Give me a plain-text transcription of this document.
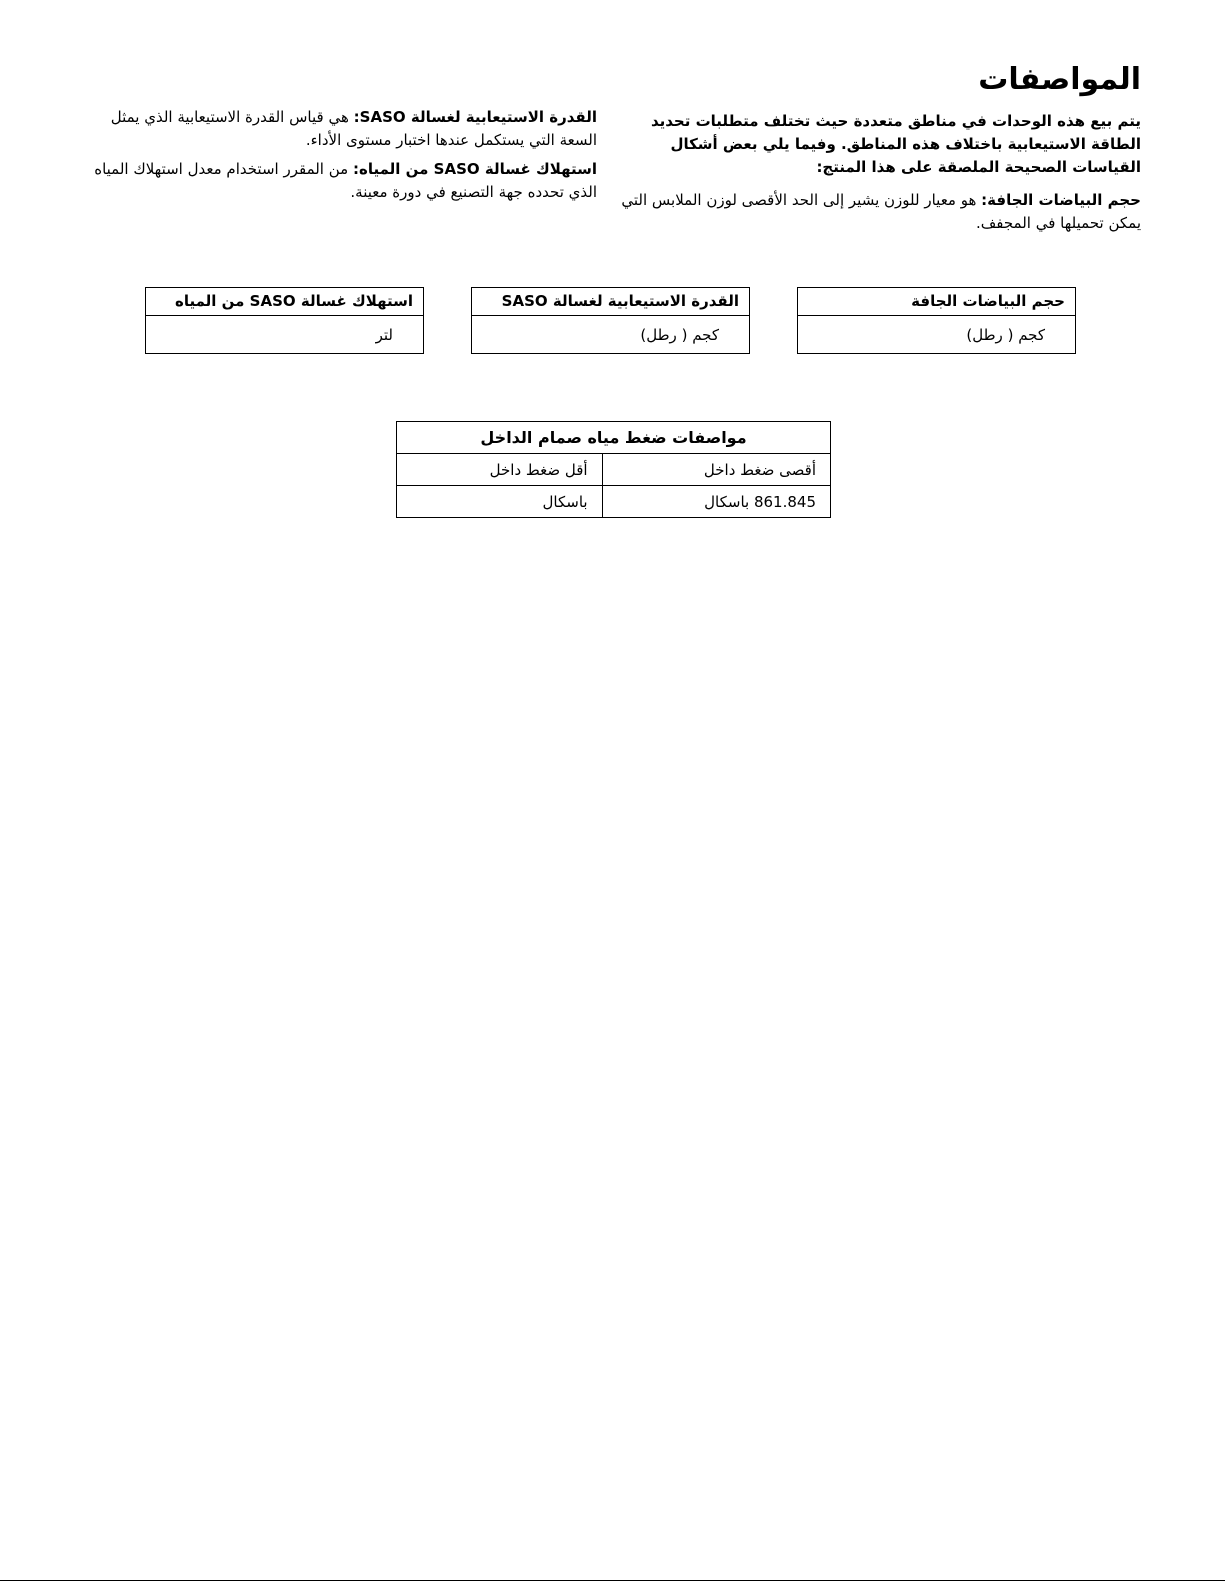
المواصفات

يتم بيع هذه الوحدات في مناطق متعددة حيث تختلف متطلبات تحديد الطاقة الاستيعابية باختلاف هذه المناطق. وفيما يلي بعض أشكال القياسات الصحيحة الملصقة على هذا المنتج:

حجم البياضات الجافة: هو معيار للوزن يشير إلى الحد الأقصى لوزن الملابس التي يمكن تحميلها في المجفف.

القدرة الاستيعابية لغسالة SASO: هي قياس القدرة الاستيعابية الذي يمثل السعة التي يستكمل عندها اختبار مستوى الأداء.

استهلاك غسالة SASO من المياه: من المقرر استخدام معدل استهلاك المياه الذي تحدده جهة التصنيع في دورة معينة.

حجم البياضات الجافة
كجم ( رطل)
القدرة الاستيعابية لغسالة SASO
كجم ( رطل)
استهلاك غسالة SASO من المياه
لتر
مواصفات ضغط مياه صمام الداخل	
أقصى ضغط داخل	أقل ضغط داخل
861.845 باسكال	باسكال
